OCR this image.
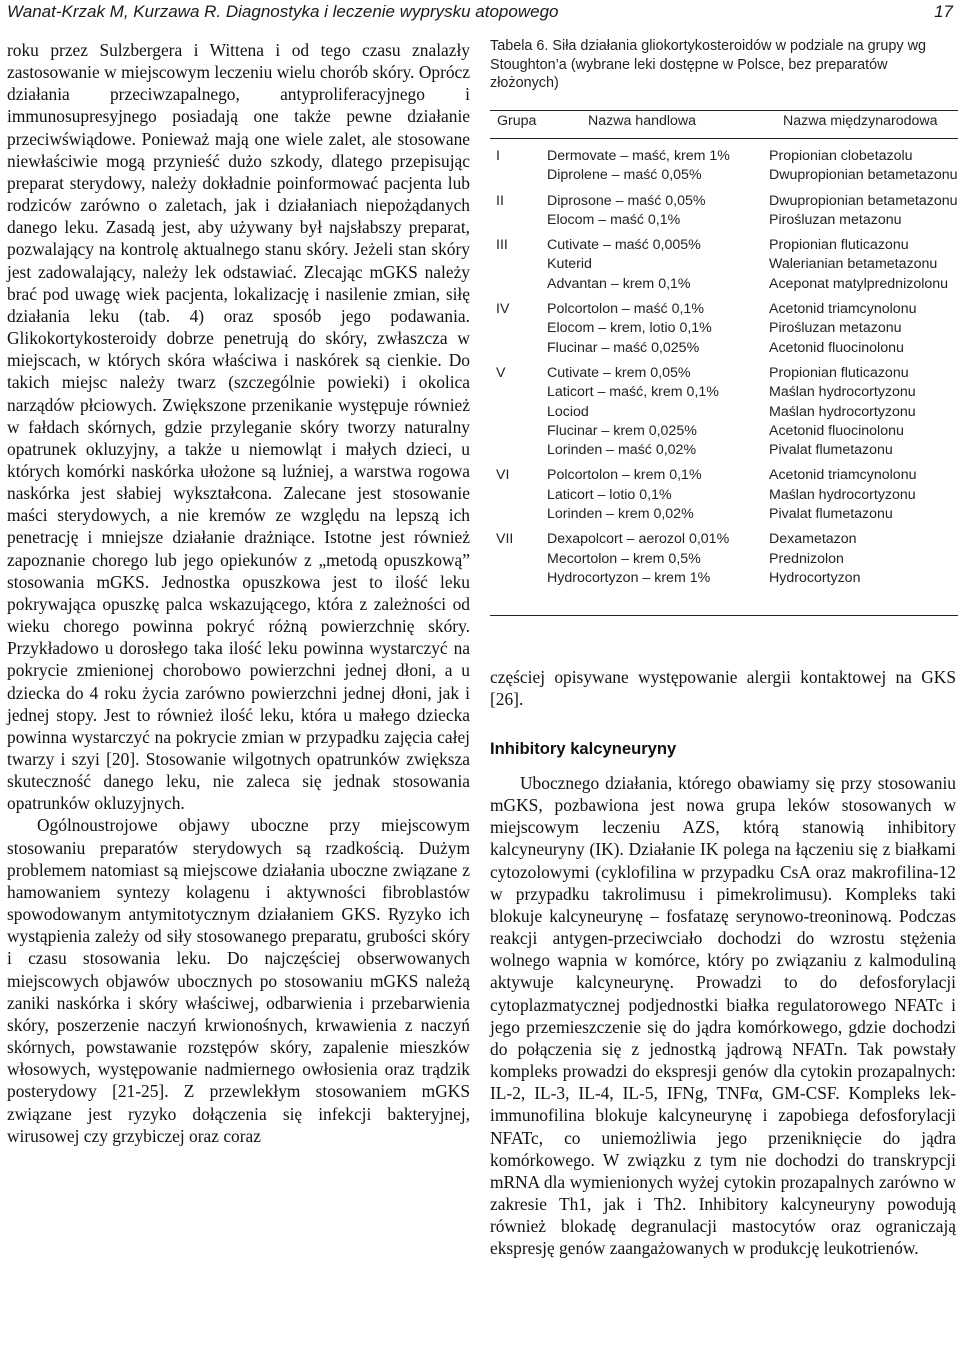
Wanat-Krzak M, Kurzawa R. Diagnostyka i leczenie wyprysku atopowego	17

roku przez Sulzbergera i Wittena i od tego czasu znalazły zastosowanie w miejscowym leczeniu wielu chorób skóry. Oprócz działania przeciwzapalnego, antyproliferacyjnego i immunosupresyjnego posiadają one także pewne działanie przeciwświądowe. Ponieważ mają one wiele zalet, ale stosowane niewłaściwie mogą przynieść dużo szkody, dlatego przepisując preparat sterydowy, należy dokładnie poinformować pacjenta lub rodziców zarówno o zaletach, jak i działaniach niepożądanych danego leku. Zasadą jest, aby używany był najsłabszy preparat, pozwalający na kontrolę aktualnego stanu skóry. Jeżeli stan skóry jest zadowalający, należy lek odstawiać. Zlecając mGKS należy brać pod uwagę wiek pacjenta, lokalizację i nasilenie zmian, siłę działania leku (tab. 4) oraz sposób jego podawania. Glikokortykosteroidy dobrze penetrują do skóry, zwłaszcza w miejscach, w których skóra właściwa i naskórek są cienkie. Do takich miejsc należy twarz (szczególnie powieki) i okolica narządów płciowych. Zwiększone przenikanie występuje również w fałdach skórnych, gdzie przyleganie skóry tworzy naturalny opatrunek okluzyjny, a także u niemowląt i małych dzieci, u których komórki naskórka ułożone są luźniej, a warstwa rogowa naskórka jest słabiej wykształcona. Zalecane jest stosowanie maści sterydowych, a nie kremów ze względu na lepszą ich penetrację i mniejsze działanie drażniące. Istotne jest również zapoznanie chorego lub jego opiekunów z „metodą opuszkową” stosowania mGKS. Jednostka opuszkowa jest to ilość leku pokrywająca opuszkę palca wskazującego, która z zależności od wieku chorego powinna pokryć różną powierzchnię skóry. Przykładowo u dorosłego taka ilość leku powinna wystarczyć na pokrycie zmienionej chorobowo powierzchni jednej dłoni, a u dziecka do 4 roku życia zarówno powierzchni jednej dłoni, jak i jednej stopy. Jest to również ilość leku, która u małego dziecka powinna wystarczyć na pokrycie zmian w przypadku zajęcia całej twarzy i szyi [20]. Stosowanie wilgotnych opatrunków zwiększa skuteczność danego leku, nie zaleca się jednak stosowania opatrunków okluzyjnych.

Ogólnoustrojowe objawy uboczne przy miejscowym stosowaniu preparatów sterydowych są rzadkością. Dużym problemem natomiast są miejscowe działania uboczne związane z hamowaniem syntezy kolagenu i aktywności fibroblastów spowodowanym antymitotycznym działaniem GKS. Ryzyko ich wystąpienia zależy od siły stosowanego preparatu, grubości skóry i czasu stosowania leku. Do najczęściej obserwowanych miejscowych objawów ubocznych po stosowaniu mGKS należą zaniki naskórka i skóry właściwej, odbarwienia i przebarwienia skóry, poszerzenie naczyń krwionośnych, krwawienia z naczyń skórnych, powstawanie rozstępów skóry, zapalenie mieszków włosowych, występowanie nadmiernego owłosienia oraz trądzik posterydowy [21-25]. Z przewlekłym stosowaniem mGKS związane jest ryzyko dołączenia się infekcji bakteryjnej, wirusowej czy grzybiczej oraz coraz

Tabela 6. Siła działania gliokortykosteroidów w podziale na grupy wg Stoughton’a (wybrane leki dostępne w Polsce, bez preparatów złożonych)
Grupa	Nazwa handlowa	Nazwa międzynarodowa
I	Dermovate – maść, krem 1%	Propionian clobetazolu
Diprolene – maść 0,05%	Dwupropionian betametazonu
II	Diprosone – maść 0,05%	Dwupropionian betametazonu
Elocom – maść 0,1%	Pirośluzan metazonu
III	Cutivate – maść 0,005%	Propionian fluticazonu
Kuterid	Walerianian betametazonu
Advantan – krem 0,1%	Aceponat matylprednizolonu
IV	Polcortolon – maść 0,1%	Acetonid triamcynolonu
Elocom – krem, lotio 0,1%	Pirośluzan metazonu
Flucinar – maść 0,025%	Acetonid fluocinolonu
V	Cutivate – krem 0,05%	Propionian fluticazonu
Laticort – maść, krem 0,1%	Maślan hydrocortyzonu
Lociod	Maślan hydrocortyzonu
Flucinar – krem 0,025%	Acetonid fluocinolonu
Lorinden – maść 0,02%	Pivalat flumetazonu
VI	Polcortolon – krem 0,1%	Acetonid triamcynolonu
Laticort – lotio 0,1%	Maślan hydrocortyzonu
Lorinden – krem 0,02%	Pivalat flumetazonu
VII Dexapolcort – aerozol 0,01%	Dexametazon
Mecortolon – krem 0,5%	Prednizolon
Hydrocortyzon – krem 1%	Hydrocortyzon

częściej opisywane występowanie alergii kontaktowej na GKS [26].

Inhibitory kalcyneuryny

Ubocznego działania, którego obawiamy się przy stosowaniu mGKS, pozbawiona jest nowa grupa leków stosowanych w miejscowym leczeniu AZS, którą stanowią inhibitory kalcyneuryny (IK). Działanie IK polega na łączeniu się z białkami cytozolowymi (cyklofilina w przypadku CsA oraz makrofilina-12 w przypadku takrolimusu i pimekrolimusu). Kompleks taki blokuje kalcyneurynę – fosfatazę serynowo-treoninową. Podczas reakcji antygen-przeciwciało dochodzi do wzrostu stężenia wolnego wapnia w komórce, który po związaniu z kalmoduliną aktywuje kalcyneurynę. Prowadzi to do defosforylacji cytoplazmatycznej podjednostki białka regulatorowego NFATc i jego przemieszczenie się do jądra komórkowego, gdzie dochodzi do połączenia się z jednostką jądrową NFATn. Tak powstały kompleks prowadzi do ekspresji genów dla cytokin prozapalnych: IL-2, IL-3, IL-4, IL-5, IFNg, TNFα, GM-CSF. Kompleks lek-immunofilina blokuje kalcyneurynę i zapobiega defosforylacji NFATc, co uniemożliwia jego przeniknięcie do jądra komórkowego. W związku z tym nie dochodzi do transkrypcji mRNA dla wymienionych wyżej cytokin prozapalnych zarówno w zakresie Th1, jak i Th2. Inhibitory kalcyneuryny powodują również blokadę degranulacji mastocytów oraz ograniczają ekspresję genów zaangażowanych w produkcję leukotrienów.
